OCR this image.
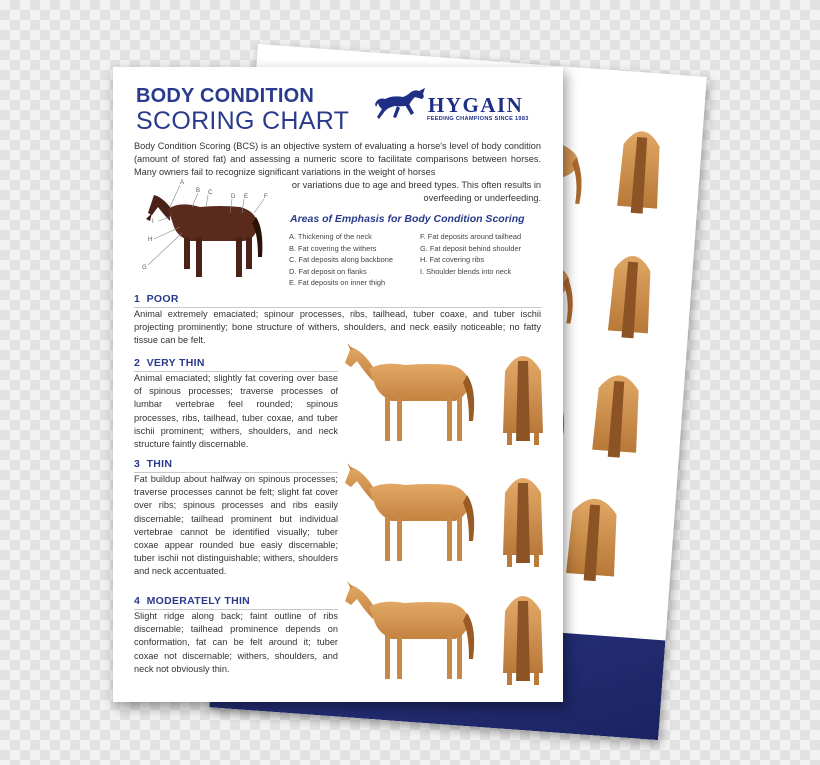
BODY CONDITION
SCORING CHART
HYGAIN
FEEDING CHAMPIONS SINCE 1983

Body Condition Scoring (BCS) is an objective system of evaluating a horse's level of body condition (amount of stored fat) and assessing a numeric score to facilitate comparisons between horses. Many owners fail to recognize significant variations in the weight of horses

or variations due to age and breed types. This often results in overfeeding or underfeeding.

A
B C
D E	F
G
H
I	Areas of Emphasis for Body Condition Scoring
A. Thickening of the neck
B. Fat covering the withers
C. Fat deposits along backbone
D. Fat deposit on flanks
E. Fat deposits on inner thigh
F. Fat deposits around tailhead
G. Fat deposit behind shoulder
H. Fat covering ribs
I. Shoulder blends into neck
1 POOR

Animal extremely emaciated; spinour processes, ribs, tailhead, tuber coaxe, and tuber ischii projecting prominently; bone structure of withers, shoulders, and neck easily noticeable; no fatty tissue can be felt.

2 VERY THIN

Animal emaciated; slightly fat covering over base of spinous processes; traverse processes of lumbar vertebrae feel rounded; spinous processes, ribs, tailhead, tuber coxae, and tuber ischii prominent; withers, shoulders, and neck structure faintly discernable.

3 THIN

Fat buildup about halfway on spinous processes; traverse processes cannot be felt; slight fat cover over ribs; spinous processes and ribs easily discernable; tailhead prominent but individual vertebrae cannot be identified visually; tuber coxae appear rounded bue easiy discernable; tuber ischii not distinguishable; withers, shoulders and neck accentuated.

4 MODERATELY THIN

Slight ridge along back; faint outline of ribs discernable; tailhead prominence depends on conformation, fat can be felt around it; tuber coxae not discernable; withers, shoulders, and neck not obviously thin.
